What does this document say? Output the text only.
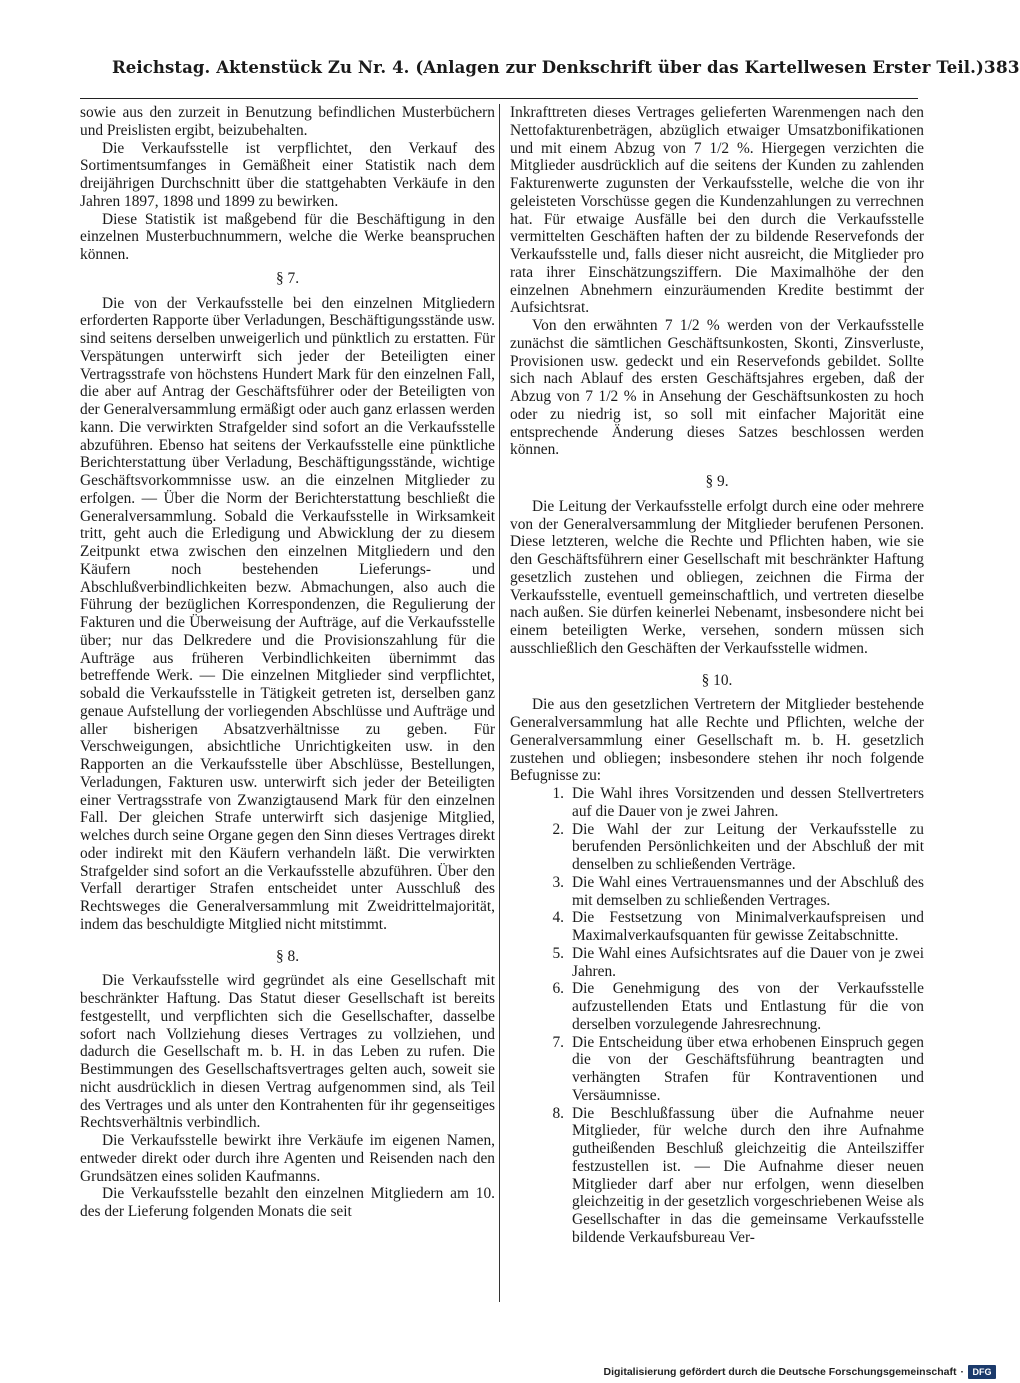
Reichstag. Aktenstück Zu Nr. 4. (Anlagen zur Denkschrift über das Kartellwesen Erster Teil.) 383

sowie aus den zurzeit in Benutzung befindlichen Musterbüchern und Preislisten ergibt, beizubehalten.

Die Verkaufsstelle ist verpflichtet, den Verkauf des Sortimentsumfanges in Gemäßheit einer Statistik nach dem dreijährigen Durchschnitt über die stattgehabten Verkäufe in den Jahren 1897, 1898 und 1899 zu bewirken.

Diese Statistik ist maßgebend für die Beschäftigung in den einzelnen Musterbuchnummern, welche die Werke beanspruchen können.

§ 7.

Die von der Verkaufsstelle bei den einzelnen Mitgliedern erforderten Rapporte über Verladungen, Beschäftigungsstände usw. sind seitens derselben unweigerlich und pünktlich zu erstatten. Für Verspätungen unterwirft sich jeder der Beteiligten einer Vertragsstrafe von höchstens Hundert Mark für den einzelnen Fall, die aber auf Antrag der Geschäftsführer oder der Beteiligten von der Generalversammlung ermäßigt oder auch ganz erlassen werden kann. Die verwirkten Strafgelder sind sofort an die Verkaufsstelle abzuführen. Ebenso hat seitens der Verkaufsstelle eine pünktliche Berichterstattung über Verladung, Beschäftigungsstände, wichtige Geschäftsvorkommnisse usw. an die einzelnen Mitglieder zu erfolgen. — Über die Norm der Berichterstattung beschließt die Generalversammlung. Sobald die Verkaufsstelle in Wirksamkeit tritt, geht auch die Erledigung und Abwicklung der zu diesem Zeitpunkt etwa zwischen den einzelnen Mitgliedern und den Käufern noch bestehenden Lieferungs- und Abschlußverbindlichkeiten bezw. Abmachungen, also auch die Führung der bezüglichen Korrespondenzen, die Regulierung der Fakturen und die Überweisung der Aufträge, auf die Verkaufsstelle über; nur das Delkredere und die Provisionszahlung für die Aufträge aus früheren Verbindlichkeiten übernimmt das betreffende Werk. — Die einzelnen Mitglieder sind verpflichtet, sobald die Verkaufsstelle in Tätigkeit getreten ist, derselben ganz genaue Aufstellung der vorliegenden Abschlüsse und Aufträge und aller bisherigen Absatzverhältnisse zu geben. Für Verschweigungen, absichtliche Unrichtigkeiten usw. in den Rapporten an die Verkaufsstelle über Abschlüsse, Bestellungen, Verladungen, Fakturen usw. unterwirft sich jeder der Beteiligten einer Vertragsstrafe von Zwanzigtausend Mark für den einzelnen Fall. Der gleichen Strafe unterwirft sich dasjenige Mitglied, welches durch seine Organe gegen den Sinn dieses Vertrages direkt oder indirekt mit den Käufern verhandeln läßt. Die verwirkten Strafgelder sind sofort an die Verkaufsstelle abzuführen. Über den Verfall derartiger Strafen entscheidet unter Ausschluß des Rechtsweges die Generalversammlung mit Zweidrittelmajorität, indem das beschuldigte Mitglied nicht mitstimmt.

§ 8.

Die Verkaufsstelle wird gegründet als eine Gesellschaft mit beschränkter Haftung. Das Statut dieser Gesellschaft ist bereits festgestellt, und verpflichten sich die Gesellschafter, dasselbe sofort nach Vollziehung dieses Vertrages zu vollziehen, und dadurch die Gesellschaft m. b. H. in das Leben zu rufen. Die Bestimmungen des Gesellschaftsvertrages gelten auch, soweit sie nicht ausdrücklich in diesen Vertrag aufgenommen sind, als Teil des Vertrages und als unter den Kontrahenten für ihr gegenseitiges Rechtsverhältnis verbindlich.

Die Verkaufsstelle bewirkt ihre Verkäufe im eigenen Namen, entweder direkt oder durch ihre Agenten und Reisenden nach den Grundsätzen eines soliden Kaufmanns.

Die Verkaufsstelle bezahlt den einzelnen Mitgliedern am 10. des der Lieferung folgenden Monats die seit

Inkrafttreten dieses Vertrages gelieferten Warenmengen nach den Nettofakturenbeträgen, abzüglich etwaiger Umsatzbonifikationen und mit einem Abzug von 7 1/2 %. Hiergegen verzichten die Mitglieder ausdrücklich auf die seitens der Kunden zu zahlenden Fakturenwerte zugunsten der Verkaufsstelle, welche die von ihr geleisteten Vorschüsse gegen die Kundenzahlungen zu verrechnen hat. Für etwaige Ausfälle bei den durch die Verkaufsstelle vermittelten Geschäften haften der zu bildende Reservefonds der Verkaufsstelle und, falls dieser nicht ausreicht, die Mitglieder pro rata ihrer Einschätzungsziffern. Die Maximalhöhe der den einzelnen Abnehmern einzuräumenden Kredite bestimmt der Aufsichtsrat.

Von den erwähnten 7 1/2 % werden von der Verkaufsstelle zunächst die sämtlichen Geschäftsunkosten, Skonti, Zinsverluste, Provisionen usw. gedeckt und ein Reservefonds gebildet. Sollte sich nach Ablauf des ersten Geschäftsjahres ergeben, daß der Abzug von 7 1/2 % in Ansehung der Geschäftsunkosten zu hoch oder zu niedrig ist, so soll mit einfacher Majorität eine entsprechende Änderung dieses Satzes beschlossen werden können.

§ 9.

Die Leitung der Verkaufsstelle erfolgt durch eine oder mehrere von der Generalversammlung der Mitglieder berufenen Personen. Diese letzteren, welche die Rechte und Pflichten haben, wie sie den Geschäftsführern einer Gesellschaft mit beschränkter Haftung gesetzlich zustehen und obliegen, zeichnen die Firma der Verkaufsstelle, eventuell gemeinschaftlich, und vertreten dieselbe nach außen. Sie dürfen keinerlei Nebenamt, insbesondere nicht bei einem beteiligten Werke, versehen, sondern müssen sich ausschließlich den Geschäften der Verkaufsstelle widmen.

§ 10.

Die aus den gesetzlichen Vertretern der Mitglieder bestehende Generalversammlung hat alle Rechte und Pflichten, welche der Generalversammlung einer Gesellschaft m. b. H. gesetzlich zustehen und obliegen; insbesondere stehen ihr noch folgende Befugnisse zu:

1. Die Wahl ihres Vorsitzenden und dessen Stellvertreters auf die Dauer von je zwei Jahren.
2. Die Wahl der zur Leitung der Verkaufsstelle zu berufenden Persönlichkeiten und der Abschluß der mit denselben zu schließenden Verträge.
3. Die Wahl eines Vertrauensmannes und der Abschluß des mit demselben zu schließenden Vertrages.
4. Die Festsetzung von Minimalverkaufspreisen und Maximalverkaufsquanten für gewisse Zeitabschnitte.
5. Die Wahl eines Aufsichtsrates auf die Dauer von je zwei Jahren.
6. Die Genehmigung des von der Verkaufsstelle aufzustellenden Etats und Entlastung für die von derselben vorzulegende Jahresrechnung.
7. Die Entscheidung über etwa erhobenen Einspruch gegen die von der Geschäftsführung beantragten und verhängten Strafen für Kontraventionen und Versäumnisse.
8. Die Beschlußfassung über die Aufnahme neuer Mitglieder, für welche durch den ihre Aufnahme gutheißenden Beschluß gleichzeitig die Anteilsziffer festzustellen ist. — Die Aufnahme dieser neuen Mitglieder darf aber nur erfolgen, wenn dieselben gleichzeitig in der gesetzlich vorgeschriebenen Weise als Gesellschafter in das die gemeinsame Verkaufsstelle bildende Verkaufsbureau Ver-
Digitalisierung gefördert durch die Deutsche Forschungsgemeinschaft · DFG
